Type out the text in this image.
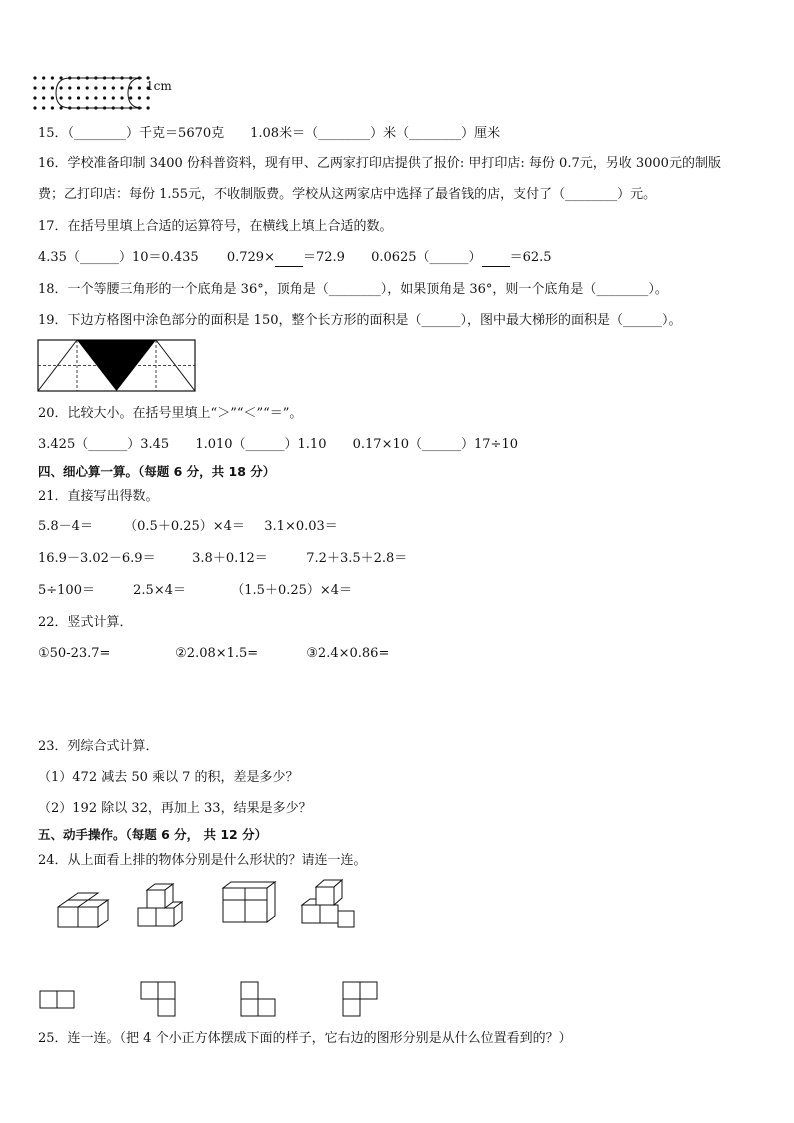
1cm
15．（________）千克＝5670克　　1.08米＝（________）米（________）厘米
16．学校准备印制 3400 份科普资料，现有甲、乙两家打印店提供了报价: 甲打印店: 每份 0.7元，另收 3000元的制版
费；乙打印店：每份 1.55元，不收制版费。学校从这两家店中选择了最省钱的店，支付了（________）元。
17．在括号里填上合适的运算符号，在横线上填上合适的数。
4.35（______）10＝0.435 0.729× ＝72.9 0.0625（______） ＝62.5
18．一个等腰三角形的一个底角是 36°，顶角是（________），如果顶角是 36°，则一个底角是（________）。
19．下边方格图中涂色部分的面积是 150，整个长方形的面积是（______），图中最大梯形的面积是（______）。
20．比较大小。在括号里填上“＞”“＜”“＝”。
3.425（______）3.45 1.010（______）1.10 0.17×10（______）17÷10
四、细心算一算。（每题 6 分，共 18 分）
21．直接写出得数。
5.8－4＝ （0.5＋0.25）×4＝ 3.1×0.03＝
16.9－3.02－6.9＝	3.8＋0.12＝	7.2＋3.5＋2.8＝
5÷100＝	2.5×4＝	（1.5＋0.25）×4＝
22．竖式计算．
①50-23.7=	②2.08×1.5=	③2.4×0.86=
23．列综合式计算．
（1）472 减去 50 乘以 7 的积，差是多少？
（2）192 除以 32，再加上 33，结果是多少？
五、动手操作。（每题 6 分， 共 12 分）
24．从上面看上排的物体分别是什么形状的？请连一连。
25．连一连。（把 4 个小正方体摆成下面的样子，它右边的图形分别是从什么位置看到的？）
